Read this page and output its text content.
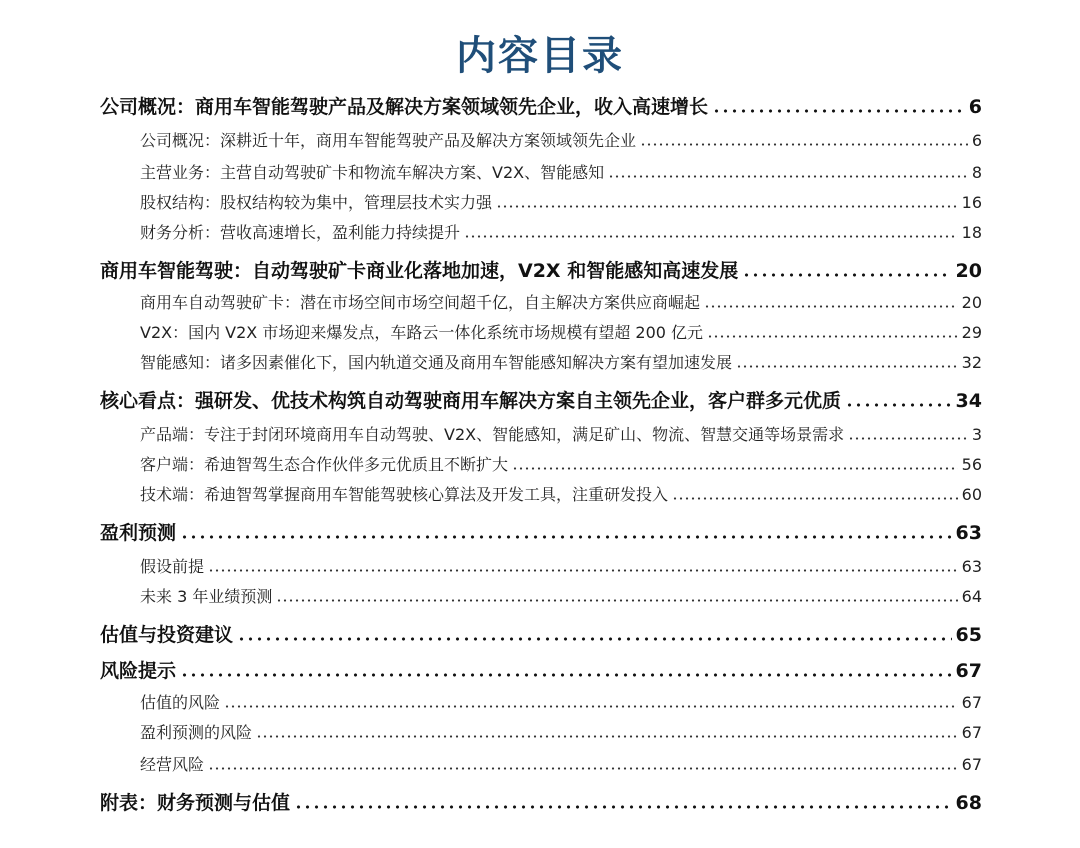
内容目录
公司概况：商用车智能驾驶产品及解决方案领域领先企业，收入高速增长	6
公司概况：深耕近十年，商用车智能驾驶产品及解决方案领域领先企业	6
主营业务：主营自动驾驶矿卡和物流车解决方案、V2X、智能感知	8
股权结构：股权结构较为集中，管理层技术实力强	16
财务分析：营收高速增长，盈利能力持续提升	18
商用车智能驾驶：自动驾驶矿卡商业化落地加速，V2X 和智能感知高速发展	20
商用车自动驾驶矿卡：潜在市场空间市场空间超千亿，自主解决方案供应商崛起	20
V2X：国内 V2X 市场迎来爆发点，车路云一体化系统市场规模有望超 200 亿元	29
智能感知：诸多因素催化下，国内轨道交通及商用车智能感知解决方案有望加速发展	32
核心看点：强研发、优技术构筑自动驾驶商用车解决方案自主领先企业，客户群多元优质	34
产品端：专注于封闭环境商用车自动驾驶、V2X、智能感知，满足矿山、物流、智慧交通等场景需求	3
客户端：希迪智驾生态合作伙伴多元优质且不断扩大	56
技术端：希迪智驾掌握商用车智能驾驶核心算法及开发工具，注重研发投入	60
盈利预测	63
假设前提	63
未来 3 年业绩预测	64
估值与投资建议	65
风险提示	67
估值的风险	67
盈利预测的风险	67
经营风险	67
附表：财务预测与估值	68
